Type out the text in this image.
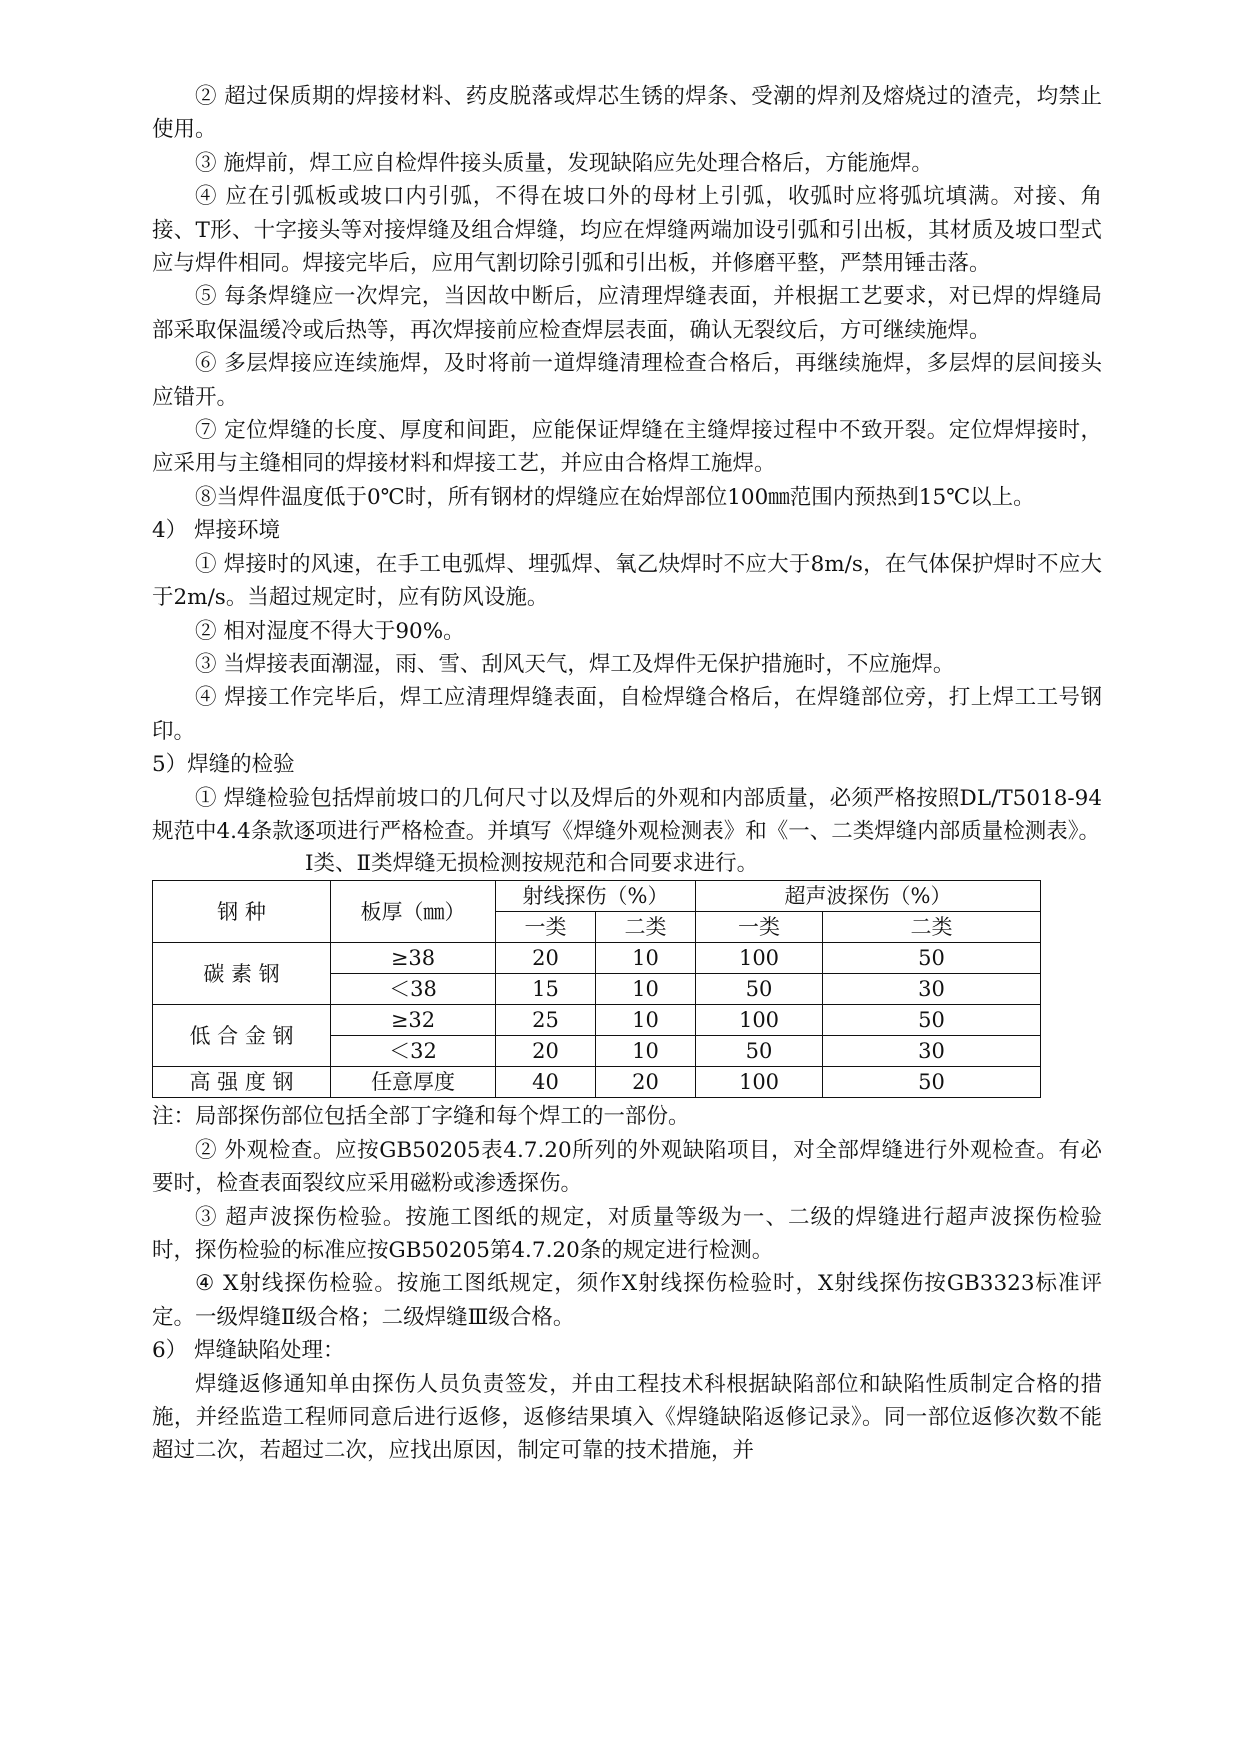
② 超过保质期的焊接材料、药皮脱落或焊芯生锈的焊条、受潮的焊剂及熔烧过的渣壳，均禁止使用。

③ 施焊前，焊工应自检焊件接头质量，发现缺陷应先处理合格后，方能施焊。

④ 应在引弧板或坡口内引弧，不得在坡口外的母材上引弧，收弧时应将弧坑填满。对接、角接、T形、十字接头等对接焊缝及组合焊缝，均应在焊缝两端加设引弧和引出板，其材质及坡口型式应与焊件相同。焊接完毕后，应用气割切除引弧和引出板，并修磨平整，严禁用锤击落。

⑤ 每条焊缝应一次焊完，当因故中断后，应清理焊缝表面，并根据工艺要求，对已焊的焊缝局部采取保温缓冷或后热等，再次焊接前应检查焊层表面，确认无裂纹后，方可继续施焊。

⑥ 多层焊接应连续施焊，及时将前一道焊缝清理检查合格后，再继续施焊，多层焊的层间接头应错开。

⑦ 定位焊缝的长度、厚度和间距，应能保证焊缝在主缝焊接过程中不致开裂。定位焊焊接时，应采用与主缝相同的焊接材料和焊接工艺，并应由合格焊工施焊。

⑧当焊件温度低于0℃时，所有钢材的焊缝应在始焊部位100㎜范围内预热到15℃以上。

4） 焊接环境

① 焊接时的风速，在手工电弧焊、埋弧焊、氧乙炔焊时不应大于8m/s，在气体保护焊时不应大于2m/s。当超过规定时，应有防风设施。

② 相对湿度不得大于90%。

③ 当焊接表面潮湿，雨、雪、刮风天气，焊工及焊件无保护措施时，不应施焊。

④ 焊接工作完毕后，焊工应清理焊缝表面，自检焊缝合格后，在焊缝部位旁，打上焊工工号钢印。

5）焊缝的检验

① 焊缝检验包括焊前坡口的几何尺寸以及焊后的外观和内部质量，必须严格按照DL/T5018-94规范中4.4条款逐项进行严格检查。并填写《焊缝外观检测表》和《一、二类焊缝内部质量检测表》。

Ⅰ类、Ⅱ类焊缝无损检测按规范和合同要求进行。

钢 种	板厚（㎜）	射线探伤（%）		超声波探伤（%）	
		一类	二类	一类	二类
碳 素 钢	≥38	20	10	100	50
	＜38	15	10	50	30
低 合 金 钢	≥32	25	10	100	50
	＜32	20	10	50	30
高 强 度 钢	任意厚度	40	20	100	50

注：局部探伤部位包括全部丁字缝和每个焊工的一部份。

② 外观检查。应按GB50205表4.7.20所列的外观缺陷项目，对全部焊缝进行外观检查。有必要时，检查表面裂纹应采用磁粉或渗透探伤。

③ 超声波探伤检验。按施工图纸的规定，对质量等级为一、二级的焊缝进行超声波探伤检验时，探伤检验的标准应按GB50205第4.7.20条的规定进行检测。

④ X射线探伤检验。按施工图纸规定，须作X射线探伤检验时，X射线探伤按GB3323标准评定。一级焊缝Ⅱ级合格；二级焊缝Ⅲ级合格。

6） 焊缝缺陷处理：

焊缝返修通知单由探伤人员负责签发，并由工程技术科根据缺陷部位和缺陷性质制定合格的措施，并经监造工程师同意后进行返修，返修结果填入《焊缝缺陷返修记录》。同一部位返修次数不能超过二次，若超过二次，应找出原因，制定可靠的技术措施，并
